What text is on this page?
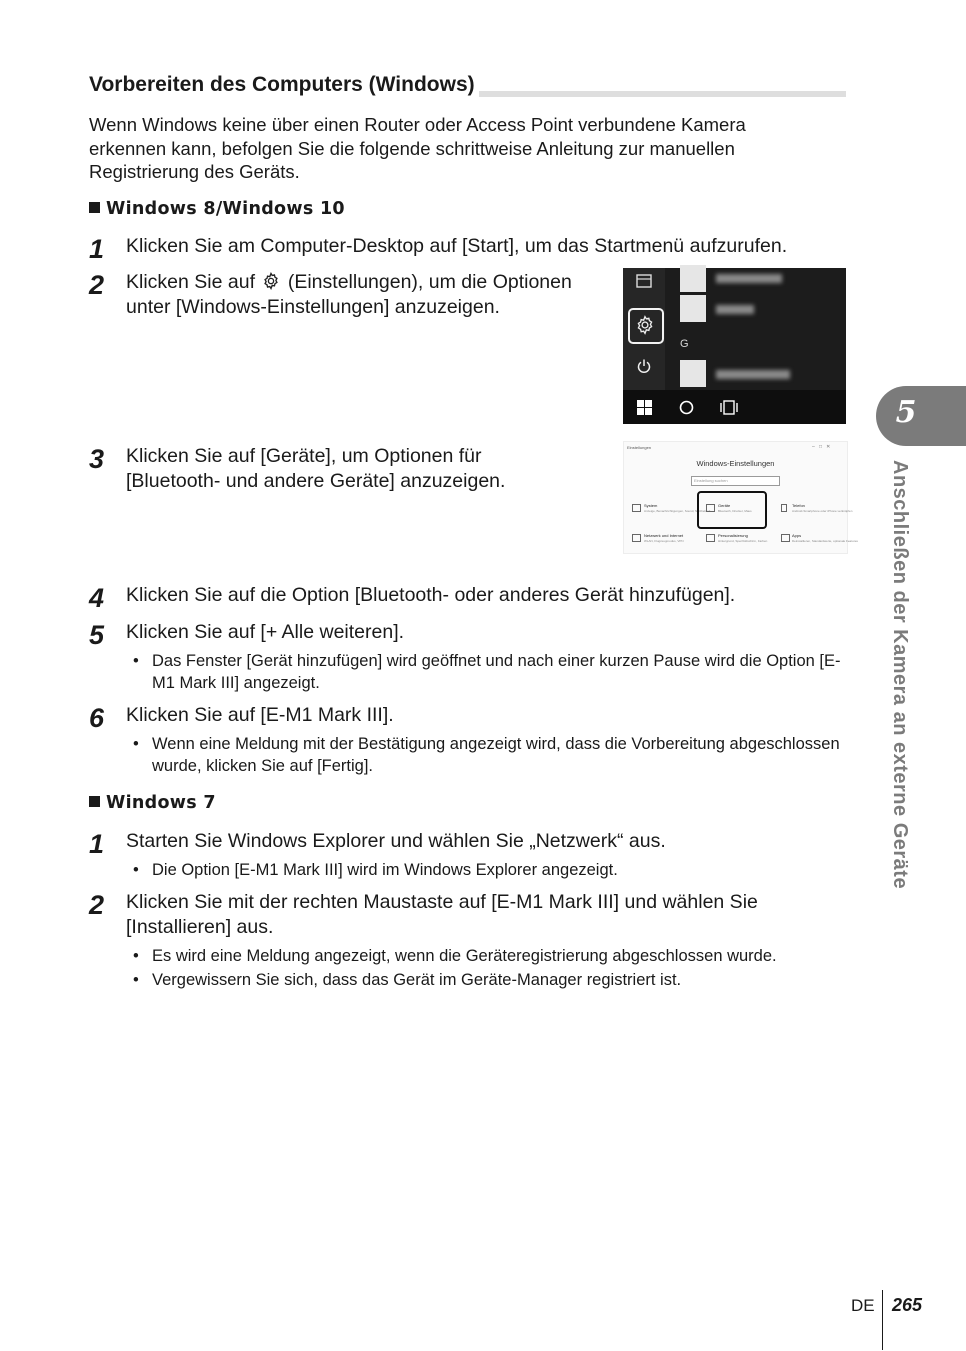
Vorbereiten des Computers (Windows)
Wenn Windows keine über einen Router oder Access Point verbundene Kamera erkennen kann, befolgen Sie die folgende schrittweise Anleitung zur manuellen Registrierung des Geräts.
Windows 8/Windows 10
1 Klicken Sie am Computer-Desktop auf [Start], um das Startmenü aufzurufen.
2 Klicken Sie auf (Einstellungen), um die Optionen unter [Windows-Einstellungen] anzuzeigen.
G
3 Klicken Sie auf [Geräte], um Optionen für [Bluetooth- und andere Geräte] anzuzeigen.
Einstellungen	–   □   ✕
Windows-Einstellungen
Einstellung suchen
System
Anzeige, Benachrichtigungen, Sound, Netzbetrieb
Geräte
Bluetooth, Drucker, Maus
Telefon
Android-Smartphone oder iPhone verknüpfen
Netzwerk und Internet
WLAN, Flugzeugmodus, VPN
Personalisierung
Hintergrund, Sperrbildschirm, Farben
Apps
Deinstallieren, Standardwerte, optionale Features
4 Klicken Sie auf die Option [Bluetooth- oder anderes Gerät hinzufügen].
5 Klicken Sie auf [+ Alle weiteren].
• Das Fenster [Gerät hinzufügen] wird geöffnet und nach einer kurzen Pause wird die Option [E-M1 Mark III] angezeigt.
6 Klicken Sie auf [E-M1 Mark III].
• Wenn eine Meldung mit der Bestätigung angezeigt wird, dass die Vorbereitung abgeschlossen wurde, klicken Sie auf [Fertig].
Windows 7
1 Starten Sie Windows Explorer und wählen Sie „Netzwerk“ aus.
• Die Option [E-M1 Mark III] wird im Windows Explorer angezeigt.
2 Klicken Sie mit der rechten Maustaste auf [E-M1 Mark III] und wählen Sie [Installieren] aus.
• Es wird eine Meldung angezeigt, wenn die Geräteregistrierung abgeschlossen wurde.
• Vergewissern Sie sich, dass das Gerät im Geräte-Manager registriert ist.
5
Anschließen der Kamera an externe Geräte
DE 265
